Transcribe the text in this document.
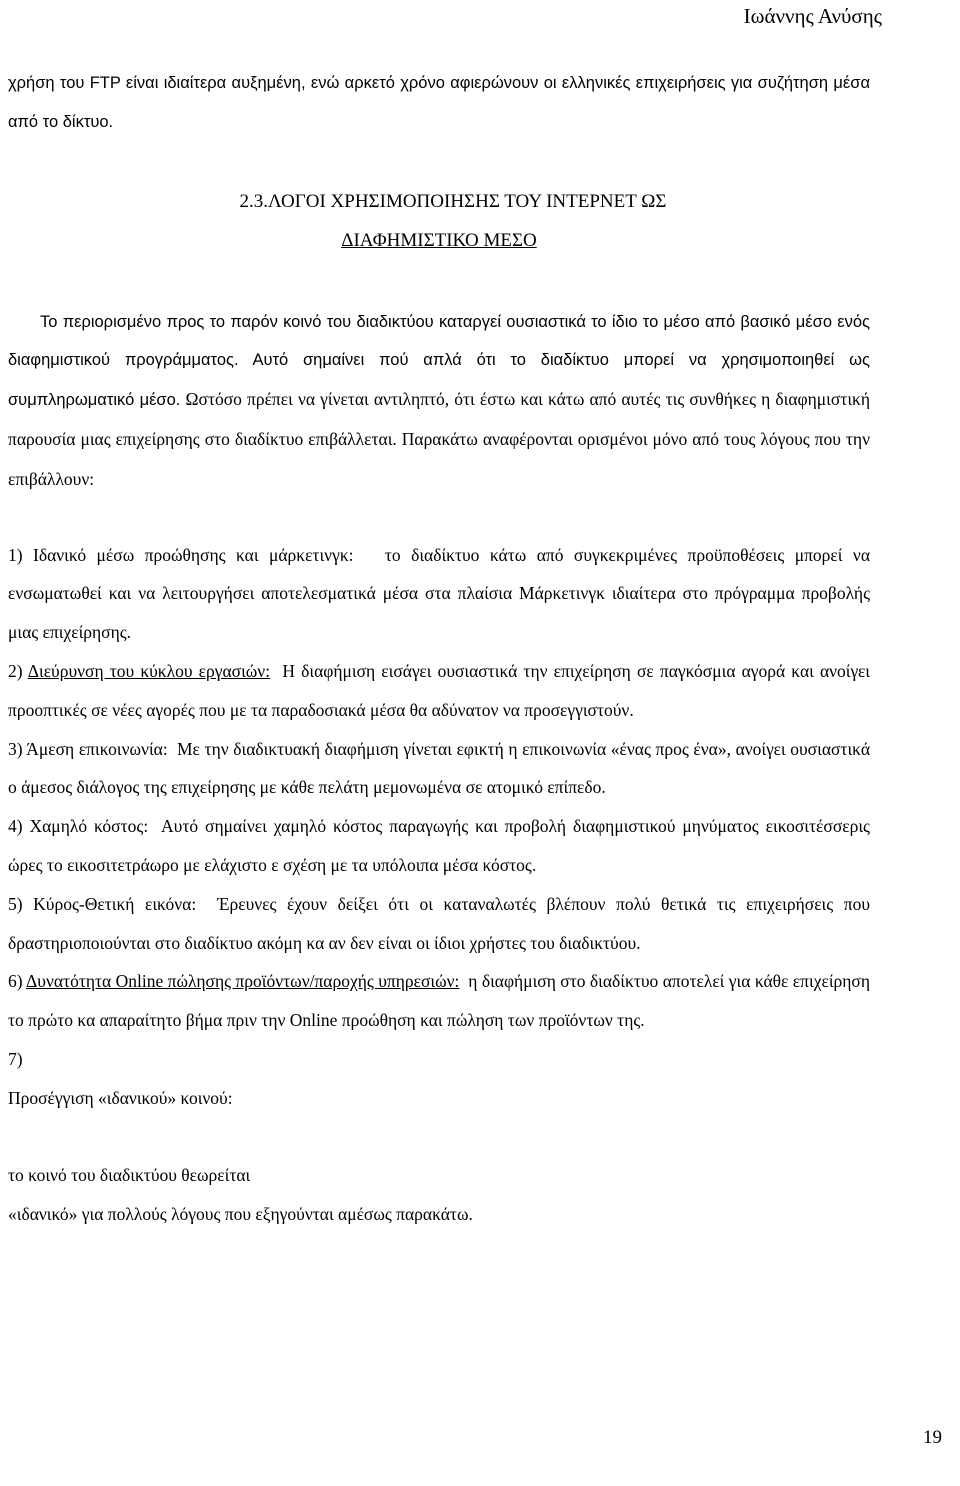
Ιωάννης Ανύσης

χρήση του FTP είναι ιδιαίτερα αυξημένη, ενώ αρκετό χρόνο αφιερώνουν οι ελληνικές επιχειρήσεις για συζήτηση μέσα από το δίκτυο.

2.3.ΛΟΓΟΙ ΧΡΗΣΙΜΟΠΟΙΗΣΗΣ ΤΟΥ ΙΝΤΕΡΝΕΤ ΩΣ
ΔΙΑΦΗΜΙΣΤΙΚΟ ΜΕΣΟ

Το περιορισμένο προς το παρόν κοινό του διαδικτύου καταργεί ουσιαστικά το ίδιο το μέσο από βασικό μέσο ενός διαφημιστικού προγράμματος. Αυτό σημαίνει πού απλά ότι το διαδίκτυο μπορεί να χρησιμοποιηθεί ως συμπληρωματικό μέσο. Ωστόσο πρέπει να γίνεται αντιληπτό, ότι έστω και κάτω από αυτές τις συνθήκες η διαφημιστική παρουσία μιας επιχείρησης στο διαδίκτυο επιβάλλεται. Παρακάτω αναφέρονται ορισμένοι μόνο από τους λόγους που την επιβάλλουν:

1) Ιδανικό μέσω προώθησης και μάρκετινγκ: το διαδίκτυο κάτω από συγκεκριμένες προϋποθέσεις μπορεί να ενσωματωθεί και να λειτουργήσει αποτελεσματικά μέσα στα πλαίσια Μάρκετινγκ ιδιαίτερα στο πρόγραμμα προβολής μιας επιχείρησης.

2) Διεύρυνση του κύκλου εργασιών: Η διαφήμιση εισάγει ουσιαστικά την επιχείρηση σε παγκόσμια αγορά και ανοίγει προοπτικές σε νέες αγορές που με τα παραδοσιακά μέσα θα αδύνατον να προσεγγιστούν.

3) Άμεση επικοινωνία: Με την διαδικτυακή διαφήμιση γίνεται εφικτή η επικοινωνία «ένας προς ένα», ανοίγει ουσιαστικά ο άμεσος διάλογος της επιχείρησης με κάθε πελάτη μεμονωμένα σε ατομικό επίπεδο.

4) Χαμηλό κόστος: Αυτό σημαίνει χαμηλό κόστος παραγωγής και προβολή διαφημιστικού μηνύματος εικοσιτέσσερις ώρες το εικοσιτετράωρο με ελάχιστο ε σχέση με τα υπόλοιπα μέσα κόστος.

5) Κύρος-Θετική εικόνα: Έρευνες έχουν δείξει ότι οι καταναλωτές βλέπουν πολύ θετικά τις επιχειρήσεις που δραστηριοποιούνται στο διαδίκτυο ακόμη κα αν δεν είναι οι ίδιοι χρήστες του διαδικτύου.

6) Δυνατότητα Online πώλησης προϊόντων/παροχής υπηρεσιών: η διαφήμιση στο διαδίκτυο αποτελεί για κάθε επιχείρηση το πρώτο κα απαραίτητο βήμα πριν την Online προώθηση και πώληση των προϊόντων της.

7)
Προσέγγιση «ιδανικού» κοινού:

το κοινό του διαδικτύου θεωρείται
«ιδανικό» για πολλούς λόγους που εξηγούνται αμέσως παρακάτω.
19
